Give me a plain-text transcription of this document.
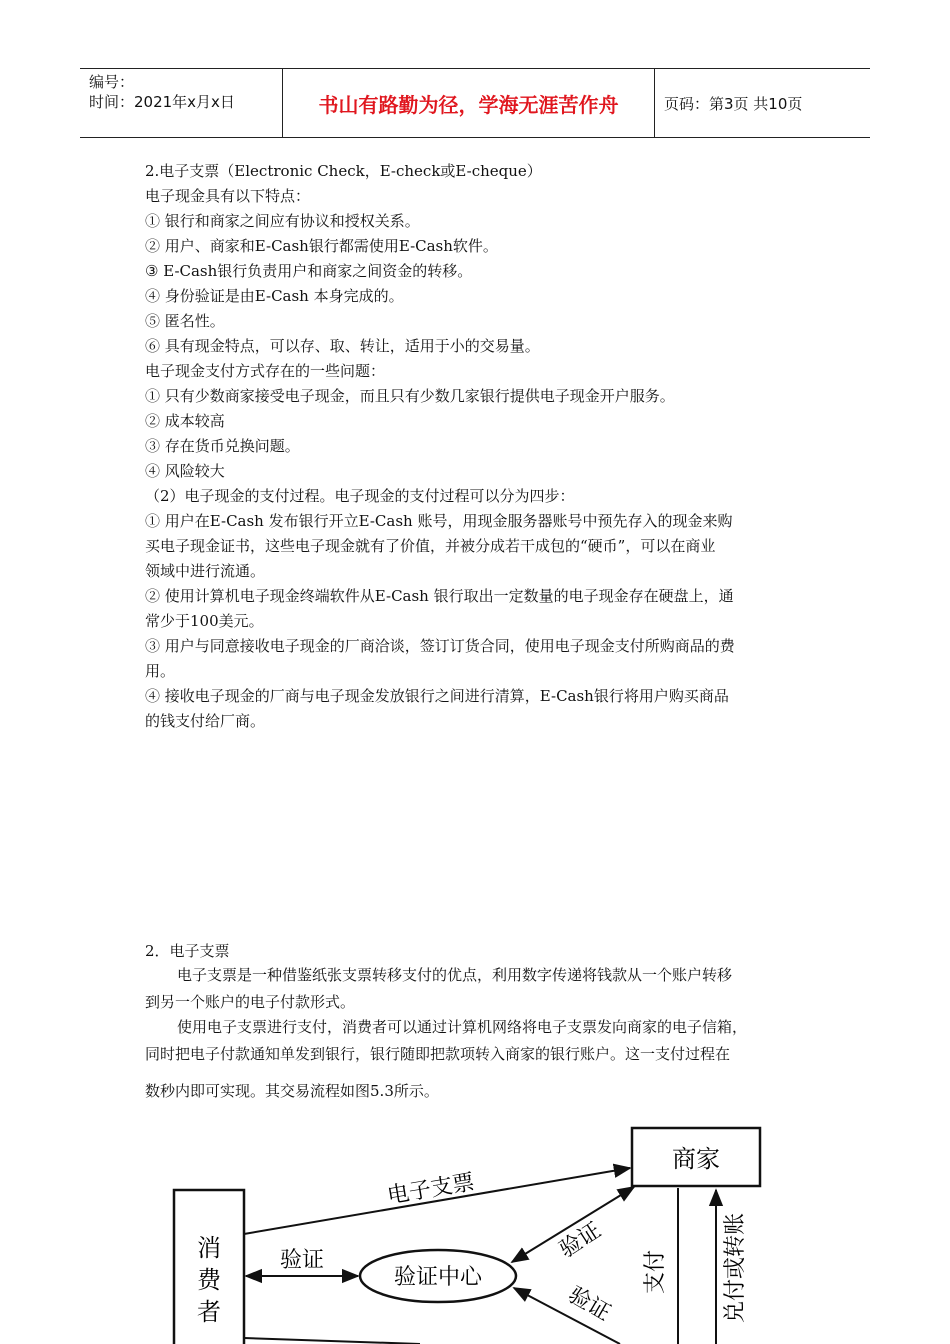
编号：
时间：2021年x月x日	书山有路勤为径，学海无涯苦作舟	页码：第3页 共10页
2.电子支票（Electronic Check，E-check或E-cheque）
电子现金具有以下特点：
① 银行和商家之间应有协议和授权关系。
② 用户、商家和E-Cash银行都需使用E-Cash软件。
③ E-Cash银行负责用户和商家之间资金的转移。
④ 身份验证是由E-Cash 本身完成的。
⑤ 匿名性。
⑥ 具有现金特点，可以存、取、转让，适用于小的交易量。
电子现金支付方式存在的一些问题：
① 只有少数商家接受电子现金，而且只有少数几家银行提供电子现金开户服务。
② 成本较高
③ 存在货币兑换问题。
④ 风险较大
（2）电子现金的支付过程。电子现金的支付过程可以分为四步：
① 用户在E-Cash 发布银行开立E-Cash 账号，用现金服务器账号中预先存入的现金来购
买电子现金证书，这些电子现金就有了价值，并被分成若干成包的“硬币”，可以在商业
领域中进行流通。
② 使用计算机电子现金终端软件从E-Cash 银行取出一定数量的电子现金存在硬盘上，通
常少于100美元。
③ 用户与同意接收电子现金的厂商洽谈，签订订货合同，使用电子现金支付所购商品的费
用。
④ 接收电子现金的厂商与电子现金发放银行之间进行清算，E-Cash银行将用户购买商品
的钱支付给厂商。
2．电子支票
电子支票是一种借鉴纸张支票转移支付的优点，利用数字传递将钱款从一个账户转移
到另一个账户的电子付款形式。
使用电子支票进行支付，消费者可以通过计算机网络将电子支票发向商家的电子信箱，
同时把电子付款通知单发到银行，银行随即把款项转入商家的银行账户。这一支付过程在
数秒内即可实现。其交易流程如图5.3所示。
商家
消
费
者
验证中心
电子支票
验证	验证
验证
支付	兑付或转账
